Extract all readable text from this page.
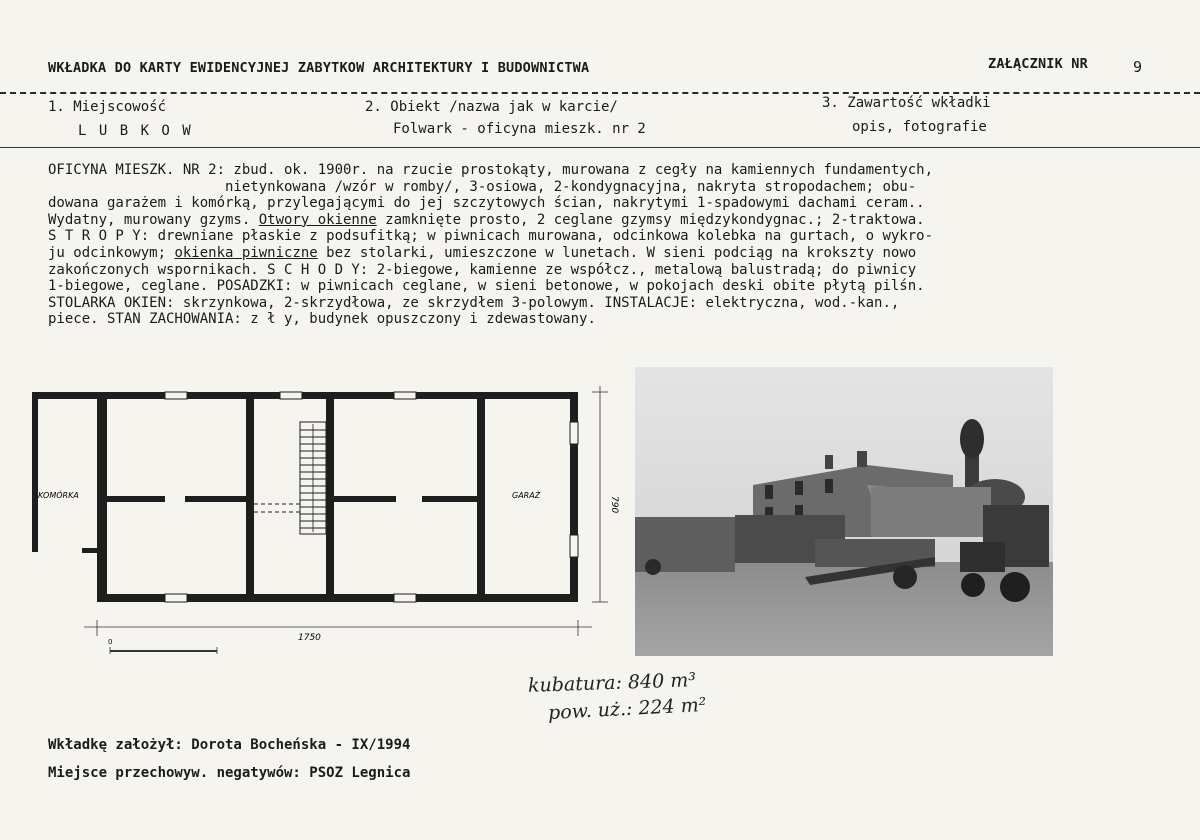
WKŁADKA DO KARTY EWIDENCYJNEJ ZABYTKOW ARCHITEKTURY I BUDOWNICTWA	ZAŁĄCZNIK NR	9
1. Miejscowość
L U B K O W
2. Obiekt /nazwa jak w karcie/
Folwark - oficyna mieszk. nr 2
3. Zawartość wkładki
opis, fotografie
OFICYNA MIESZK. NR 2: zbud. ok. 1900r. na rzucie prostokąty, murowana z cegły na kamiennych fundamentych,
nietynkowana /wzór w romby/, 3-osiowa, 2-kondygnacyjna, nakryta stropodachem; obu-
dowana garażem i komórką, przylegającymi do jej szczytowych ścian, nakrytymi 1-spadowymi dachami ceram..
Wydatny, murowany gzyms. Otwory okienne zamknięte prosto, 2 ceglane gzymsy międzykondygnac.; 2-traktowa.
S T R O P Y: drewniane płaskie z podsufitką; w piwnicach murowana, odcinkowa kolebka na gurtach, o wykro-
ju odcinkowym; okienka piwniczne bez stolarki, umieszczone w lunetach. W sieni podciąg na krokszty nowo
zakończonych wspornikach. S C H O D Y: 2-biegowe, kamienne ze współcz., metalową balustradą; do piwnicy
1-biegowe, ceglane. POSADZKI: w piwnicach ceglane, w sieni betonowe, w pokojach deski obite płytą pilśn.
STOLARKA OKIEN: skrzynkowa, 2-skrzydłowa, ze skrzydłem 3-polowym. INSTALACJE: elektryczna, wod.-kan.,
piece. STAN ZACHOWANIA: z ł y, budynek opuszczony i zdewastowany.
KOMÓRKA	GARAŻ
1750
790
0
kubatura: 840 m³
pow. uż.: 224 m²
Wkładkę założył: Dorota Bocheńska - IX/1994
Miejsce przechowyw. negatywów: PSOZ Legnica
